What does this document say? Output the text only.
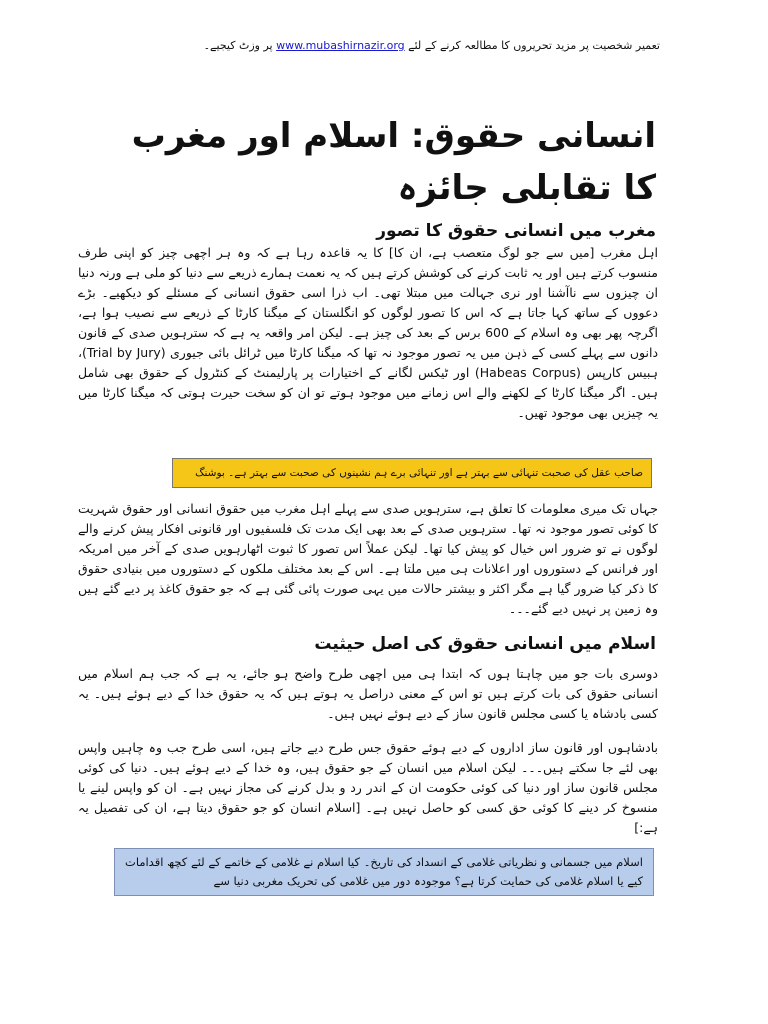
تعمیر شخصیت پر مزید تحریروں کا مطالعہ کرنے کے لئے www.mubashirnazir.org پر وزٹ کیجیے۔
انسانی حقوق: اسلام اور مغرب کا تقابلی جائزہ
مغرب میں انسانی حقوق کا تصور

اہل مغرب [میں سے جو لوگ متعصب ہے، ان کا] کا یہ قاعدہ رہا ہے کہ وہ ہر اچھی چیز کو اپنی طرف منسوب کرتے ہیں اور یہ ثابت کرنے کی کوشش کرتے ہیں کہ یہ نعمت ہمارے ذریعے سے دنیا کو ملی ہے ورنہ دنیا ان چیزوں سے ناآشنا اور نری جہالت میں مبتلا تھی۔ اب ذرا اسی حقوق انسانی کے مسئلے کو دیکھیے۔ بڑے دعووں کے ساتھ کہا جاتا ہے کہ اس کا تصور لوگوں کو انگلستان کے میگنا کارٹا کے ذریعے سے نصیب ہوا ہے، اگرچہ پھر بھی وہ اسلام کے 600 برس کے بعد کی چیز ہے۔ لیکن امر واقعہ یہ ہے کہ سترہویں صدی کے قانون دانوں سے پہلے کسی کے ذہن میں یہ تصور موجود نہ تھا کہ میگنا کارٹا میں ٹرائل بائی جیوری (Trial by Jury)، ہبیس کارپس (Habeas Corpus) اور ٹیکس لگانے کے اختیارات پر پارلیمنٹ کے کنٹرول کے حقوق بھی شامل ہیں۔ اگر میگنا کارٹا کے لکھنے والے اس زمانے میں موجود ہوتے تو ان کو سخت حیرت ہوتی کہ میگنا کارٹا میں یہ چیزیں بھی موجود تھیں۔

صاحب عقل کی صحبت تنہائی سے بہتر ہے اور تنہائی برے ہم نشینوں کی صحبت سے بہتر ہے۔ بوشنگ

جہاں تک میری معلومات کا تعلق ہے، سترہویں صدی سے پہلے اہل مغرب میں حقوق انسانی اور حقوق شہریت کا کوئی تصور موجود نہ تھا۔ سترہویں صدی کے بعد بھی ایک مدت تک فلسفیوں اور قانونی افکار پیش کرنے والے لوگوں نے تو ضرور اس خیال کو پیش کیا تھا۔ لیکن عملاً اس تصور کا ثبوت اٹھارہویں صدی کے آخر میں امریکہ اور فرانس کے دستوروں اور اعلانات ہی میں ملتا ہے۔ اس کے بعد مختلف ملکوں کے دستوروں میں بنیادی حقوق کا ذکر کیا ضرور گیا ہے مگر اکثر و بیشتر حالات میں یہی صورت پائی گئی ہے کہ جو حقوق کاغذ پر دیے گئے ہیں وہ زمین پر نہیں دیے گئے۔۔۔

اسلام میں انسانی حقوق کی اصل حیثیت

دوسری بات جو میں چاہتا ہوں کہ ابتدا ہی میں اچھی طرح واضح ہو جائے، یہ ہے کہ جب ہم اسلام میں انسانی حقوق کی بات کرتے ہیں تو اس کے معنی دراصل یہ ہوتے ہیں کہ یہ حقوق خدا کے دیے ہوئے ہیں۔ یہ کسی بادشاہ یا کسی مجلس قانون ساز کے دیے ہوئے نہیں ہیں۔

بادشاہوں اور قانون ساز اداروں کے دیے ہوئے حقوق جس طرح دیے جاتے ہیں، اسی طرح جب وہ چاہیں واپس بھی لئے جا سکتے ہیں۔۔۔ لیکن اسلام میں انسان کے جو حقوق ہیں، وہ خدا کے دیے ہوئے ہیں۔ دنیا کی کوئی مجلس قانون ساز اور دنیا کی کوئی حکومت ان کے اندر رد و بدل کرنے کی مجاز نہیں ہے۔ ان کو واپس لینے یا منسوخ کر دینے کا کوئی حق کسی کو حاصل نہیں ہے۔ [اسلام انسان کو جو حقوق دیتا ہے، ان کی تفصیل یہ ہے:]

اسلام میں جسمانی و نظریاتی غلامی کے انسداد کی تاریخ۔ کیا اسلام نے غلامی کے خاتمے کے لئے کچھ اقدامات کیے یا اسلام غلامی کی حمایت کرتا ہے؟ موجودہ دور میں غلامی کی تحریک مغربی دنیا سے
